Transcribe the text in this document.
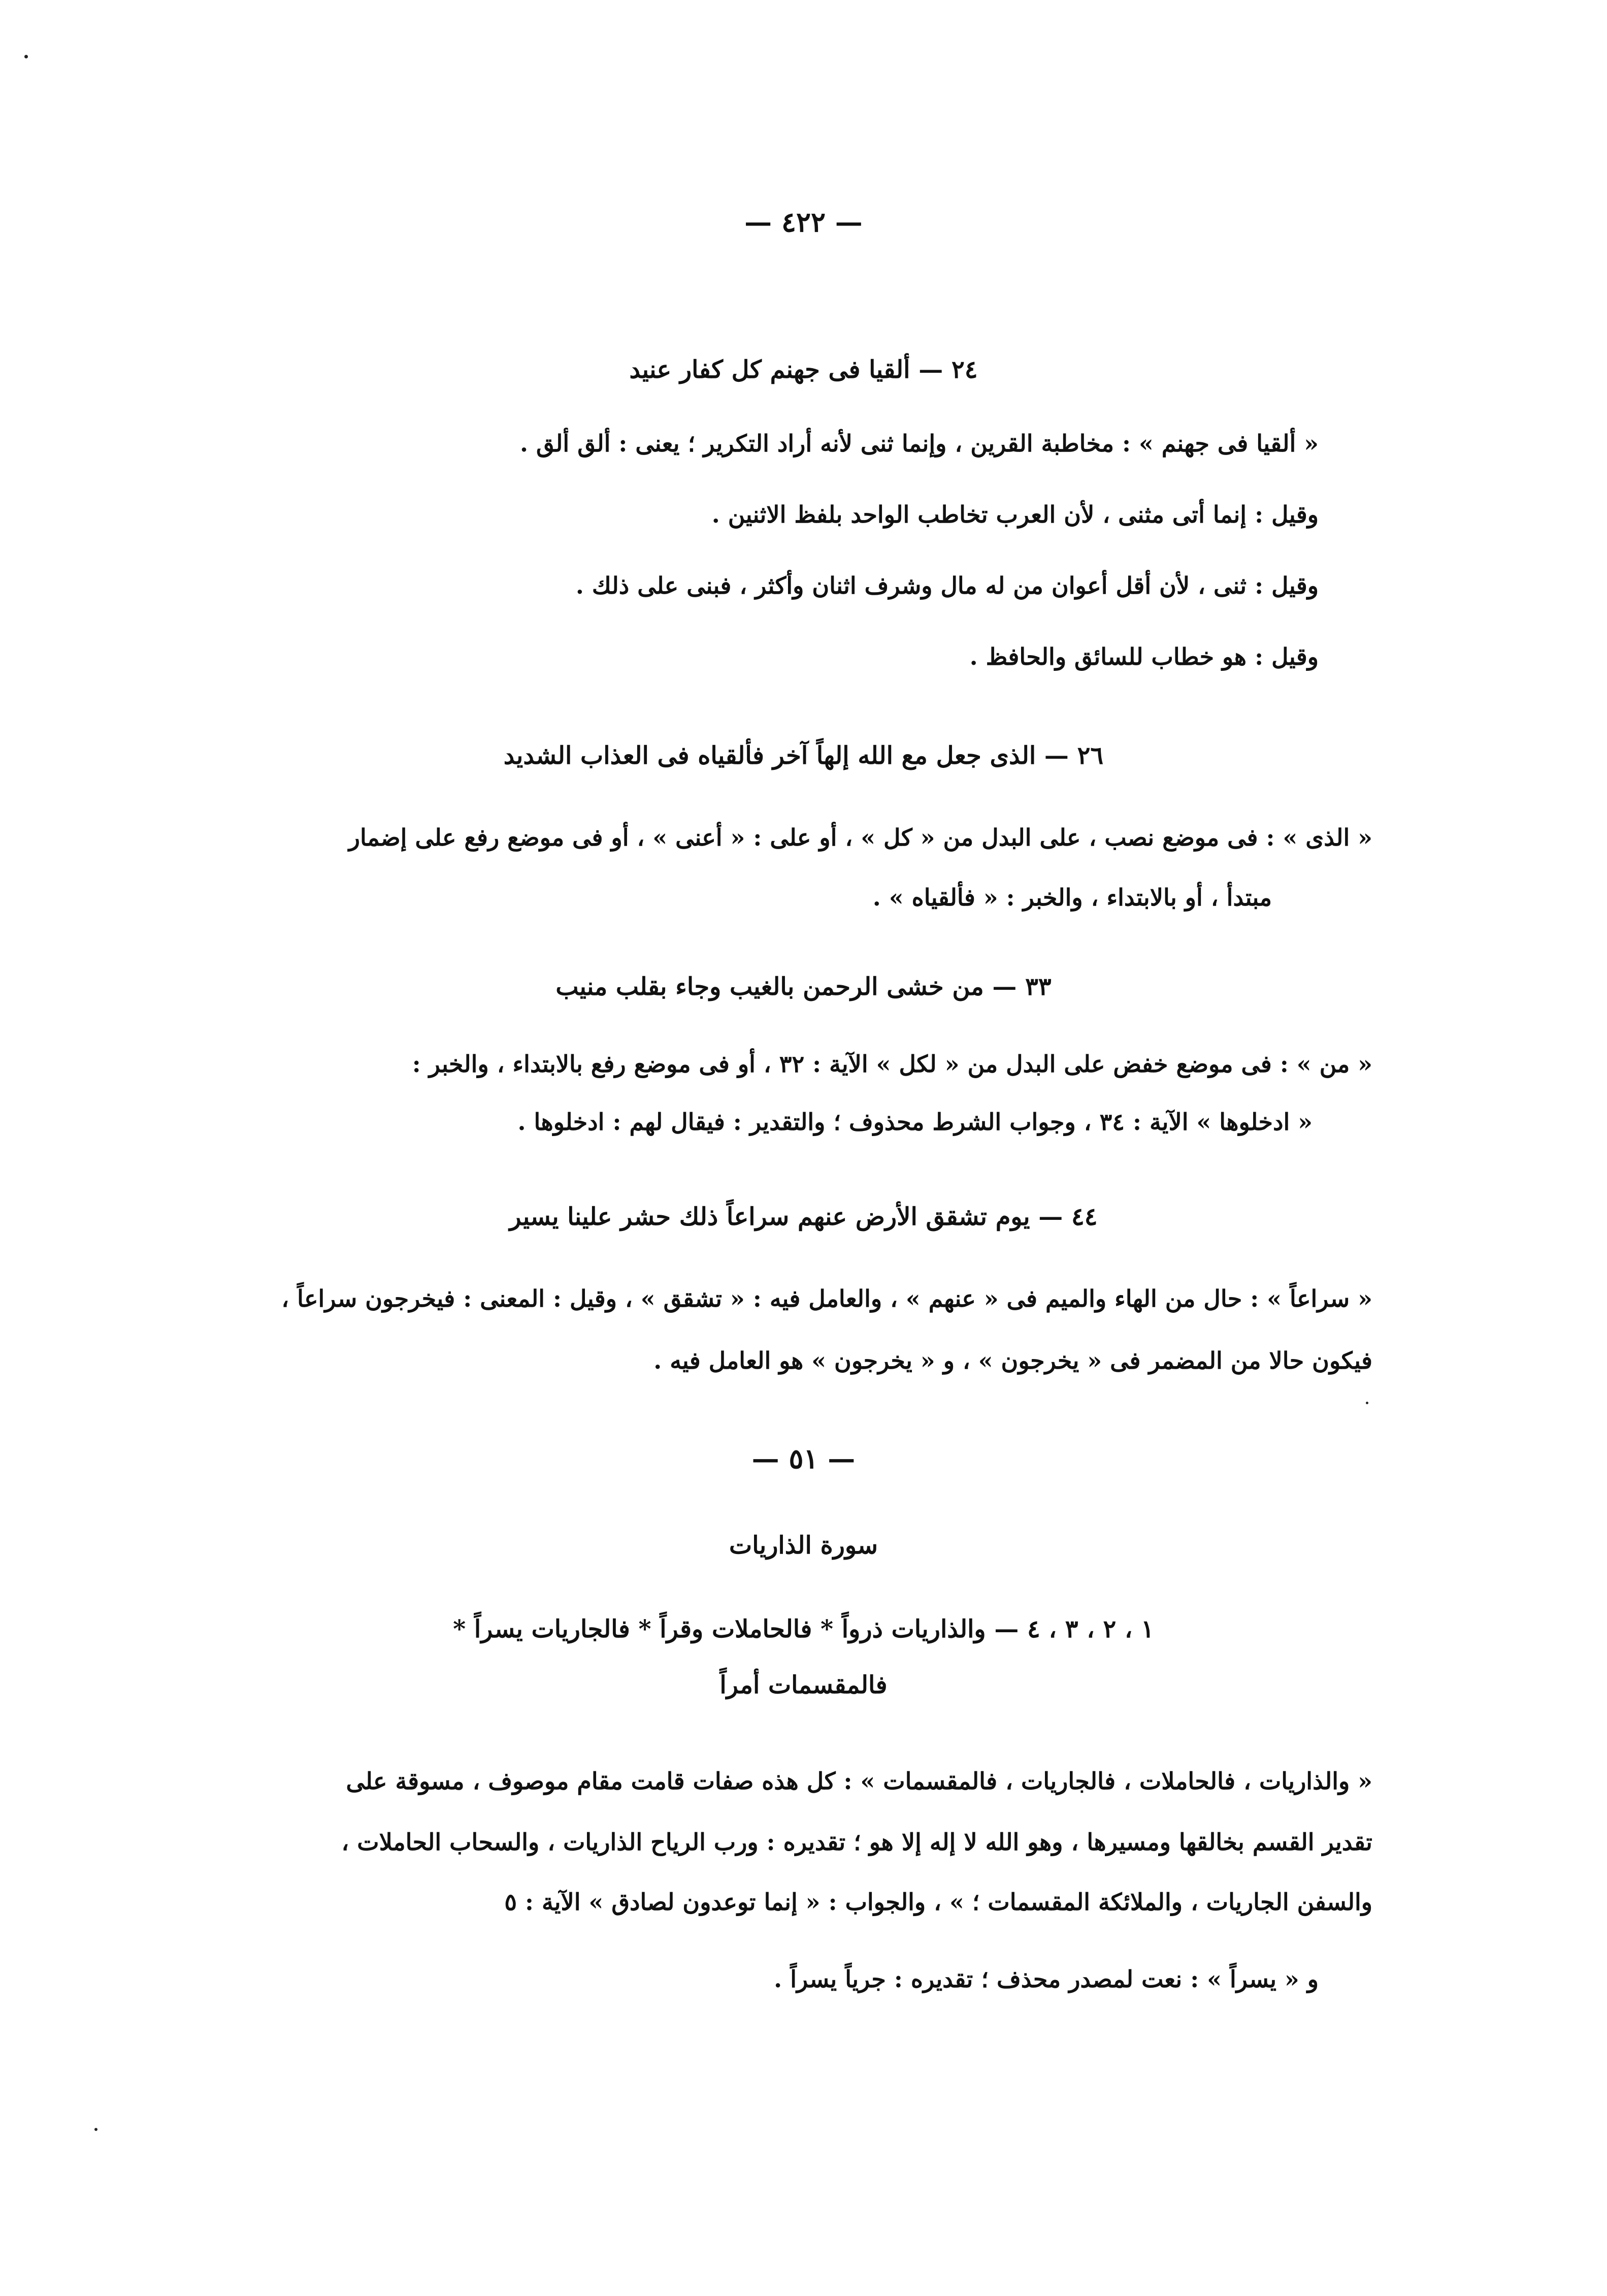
— ٤٢٢ —
٢٤ — ألقيا فى جهنم كل كفار عنيد
« ألقيا فى جهنم » : مخاطبة القرين ، وإنما ثنى لأنه أراد التكرير ؛ يعنى : ألق ألق .
وقيل : إنما أتى مثنى ، لأن العرب تخاطب الواحد بلفظ الاثنين .
وقيل : ثنى ، لأن أقل أعوان من له مال وشرف اثنان وأكثر ، فبنى على ذلك .
وقيل : هو خطاب للسائق والحافظ .
٢٦ — الذى جعل مع الله إلهاً آخر فألقياه فى العذاب الشديد
« الذى » : فى موضع نصب ، على البدل من « كل » ، أو على : « أعنى » ، أو فى موضع رفع على إضمار
مبتدأ ، أو بالابتداء ، والخبر : « فألقياه » .
٣٣ — من خشى الرحمن بالغيب وجاء بقلب منيب
« من » : فى موضع خفض على البدل من « لكل » الآية : ٣٢ ، أو فى موضع رفع بالابتداء ، والخبر :
« ادخلوها » الآية : ٣٤ ، وجواب الشرط محذوف ؛ والتقدير : فيقال لهم : ادخلوها .
٤٤ — يوم تشقق الأرض عنهم سراعاً ذلك حشر علينا يسير
« سراعاً » : حال من الهاء والميم فى « عنهم » ، والعامل فيه : « تشقق » ، وقيل : المعنى : فيخرجون سراعاً ،
فيكون حالا من المضمر فى « يخرجون » ، و « يخرجون » هو العامل فيه .
— ٥١ —
سورة الذاريات
١ ، ٢ ، ٣ ، ٤ — والذاريات ذرواً * فالحاملات وقراً * فالجاريات يسراً *
فالمقسمات أمراً
« والذاريات ، فالحاملات ، فالجاريات ، فالمقسمات » : كل هذه صفات قامت مقام موصوف ، مسوقة على
تقدير القسم بخالقها ومسيرها ، وهو الله لا إله إلا هو ؛ تقديره : ورب الرياح الذاريات ، والسحاب الحاملات ،
والسفن الجاريات ، والملائكة المقسمات ؛ » ، والجواب : « إنما توعدون لصادق » الآية : ٥
و « يسراً » : نعت لمصدر محذف ؛ تقديره : جرياً يسراً .
